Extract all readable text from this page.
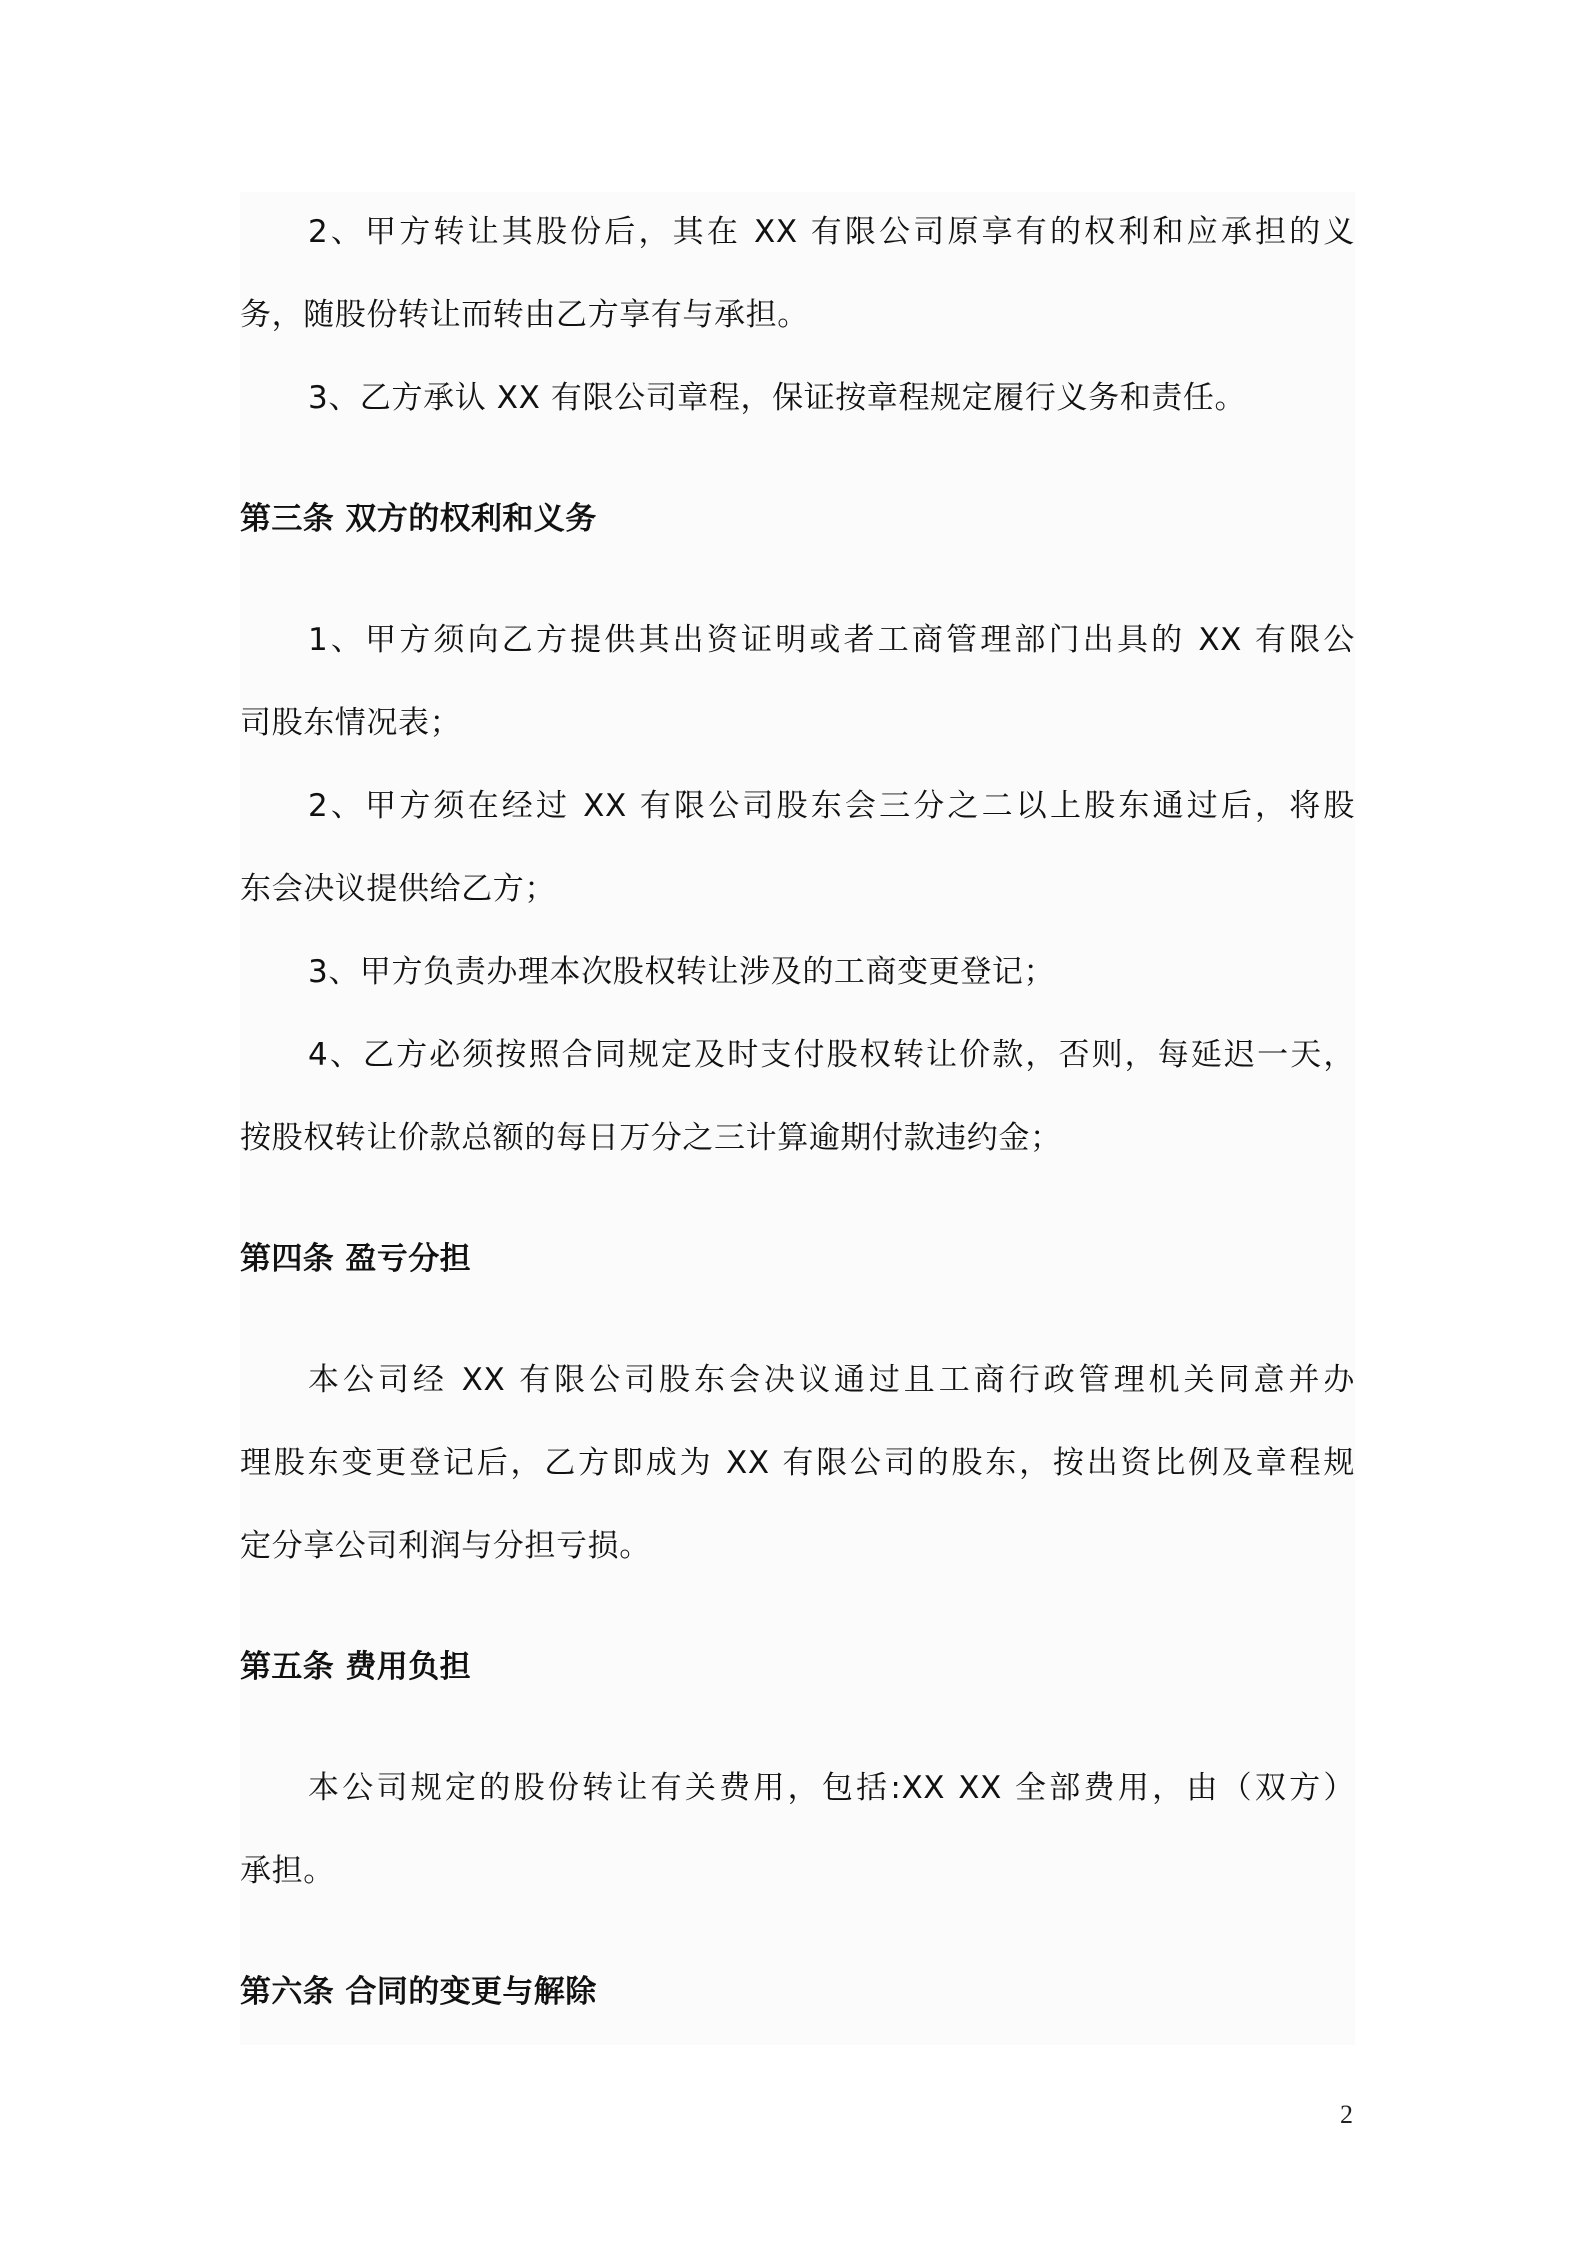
2、甲方转让其股份后，其在 XX 有限公司原享有的权利和应承担的义
务，随股份转让而转由乙方享有与承担。
3、乙方承认 XX 有限公司章程，保证按章程规定履行义务和责任。
第三条 双方的权利和义务
1、甲方须向乙方提供其出资证明或者工商管理部门出具的 XX 有限公
司股东情况表；
2、甲方须在经过 XX 有限公司股东会三分之二以上股东通过后，将股
东会决议提供给乙方；
3、甲方负责办理本次股权转让涉及的工商变更登记；
4、乙方必须按照合同规定及时支付股权转让价款，否则，每延迟一天，
按股权转让价款总额的每日万分之三计算逾期付款违约金；
第四条 盈亏分担
本公司经 XX 有限公司股东会决议通过且工商行政管理机关同意并办
理股东变更登记后，乙方即成为 XX 有限公司的股东，按出资比例及章程规
定分享公司利润与分担亏损。
第五条 费用负担
本公司规定的股份转让有关费用，包括:XX XX 全部费用，由（双方）
承担。
第六条 合同的变更与解除
2
